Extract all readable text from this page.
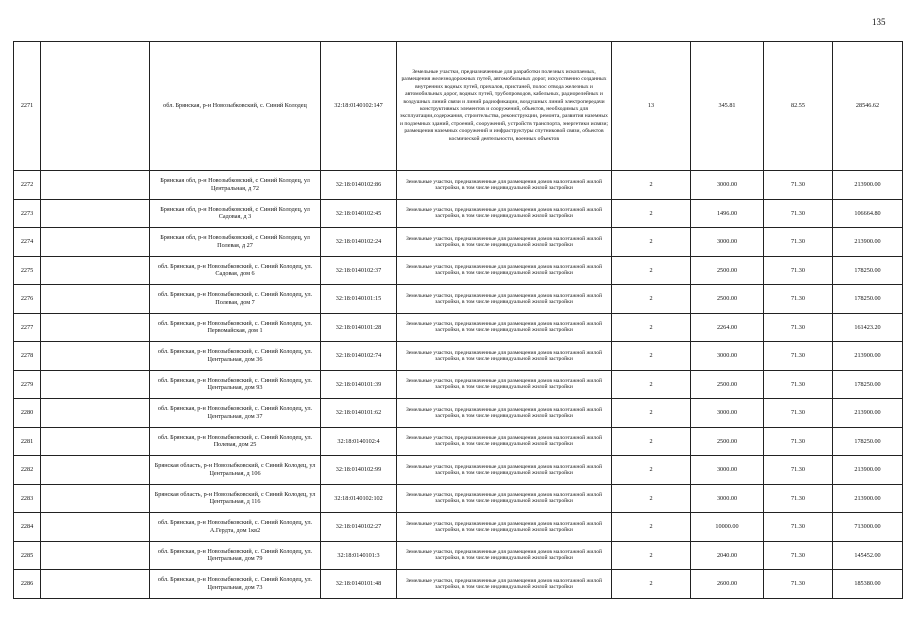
135
2271		обл. Брянская, р-н Новозыбковский, с. Синий Колодец	32:18:0140102:147	Земельные участки, предназначенные для разработки полезных ископаемых, размещения железнодорожных путей, автомобильных дорог, искусственно созданных внутренних водных путей, причалов, пристаней, полос отвода железных и автомобильных дорог, водных путей, трубопроводов, кабельных, радиорелейных и воздушных линий связи и линий радиофикации, воздушных линий электропередачи конструктивных элементов и сооружений, объектов, необходимых для эксплуатации,содержания, строительства, реконструкции, ремонта, развития наземных и подземных зданий, строений, сооружений, устройств транспорта, энергетики исвязи; размещения наземных сооружений и инфраструктуры спутниковой связи, объектов космической деятельности, военных объектов	13	345.81	82.55	28546.62
2272		Брянская обл, р-н Новозыбковский, с Синий Колодец, ул Центральная, д 72	32:18:0140102:86	Земельные участки, предназначенные для размещения домов малоэтажной жилой застройки, в том числе индивидуальной жилой застройки	2	3000.00	71.30	213900.00
2273		Брянская обл, р-н Новозыбковский, с Синий Колодец, ул Садовая, д 3	32:18:0140102:45	Земельные участки, предназначенные для размещения домов малоэтажной жилой застройки, в том числе индивидуальной жилой застройки	2	1496.00	71.30	106664.80
2274		Брянская обл, р-н Новозыбковский, с Синий Колодец, ул Полевая, д 27	32:18:0140102:24	Земельные участки, предназначенные для размещения домов малоэтажной жилой застройки, в том числе индивидуальной жилой застройки	2	3000.00	71.30	213900.00
2275		обл. Брянская, р-н Новозыбковский, с. Синий Колодец, ул. Садовая, дом 6	32:18:0140102:37	Земельные участки, предназначенные для размещения домов малоэтажной жилой застройки, в том числе индивидуальной жилой застройки	2	2500.00	71.30	178250.00
2276		обл. Брянская, р-н Новозыбковский, с. Синий Колодец, ул. Полевая, дом 7	32:18:0140101:15	Земельные участки, предназначенные для размещения домов малоэтажной жилой застройки, в том числе индивидуальной жилой застройки	2	2500.00	71.30	178250.00
2277		обл. Брянская, р-н Новозыбковский, с. Синий Колодец, ул. Первомайская, дом 1	32:18:0140101:28	Земельные участки, предназначенные для размещения домов малоэтажной жилой застройки, в том числе индивидуальной жилой застройки	2	2264.00	71.30	161423.20
2278		обл. Брянская, р-н Новозыбковский, с. Синий Колодец, ул. Центральная, дом 36	32:18:0140102:74	Земельные участки, предназначенные для размещения домов малоэтажной жилой застройки, в том числе индивидуальной жилой застройки	2	3000.00	71.30	213900.00
2279		обл. Брянская, р-н Новозыбковский, с. Синий Колодец, ул. Центральная, дом 93	32:18:0140101:39	Земельные участки, предназначенные для размещения домов малоэтажной жилой застройки, в том числе индивидуальной жилой застройки	2	2500.00	71.30	178250.00
2280		обл. Брянская, р-н Новозыбковский, с. Синий Колодец, ул. Центральная, дом 37	32:18:0140101:62	Земельные участки, предназначенные для размещения домов малоэтажной жилой застройки, в том числе индивидуальной жилой застройки	2	3000.00	71.30	213900.00
2281		обл. Брянская, р-н Новозыбковский, с. Синий Колодец, ул. Полевая, дом 25	32:18:0140102:4	Земельные участки, предназначенные для размещения домов малоэтажной жилой застройки, в том числе индивидуальной жилой застройки	2	2500.00	71.30	178250.00
2282		Брянская область, р-н Новозыбковский, с Синий Колодец, ул Центральная, д 106	32:18:0140102:99	Земельные участки, предназначенные для размещения домов малоэтажной жилой застройки, в том числе индивидуальной жилой застройки	2	3000.00	71.30	213900.00
2283		Брянская область, р-н Новозыбковский, с Синий Колодец, ул Центральная, д 116	32:18:0140102:102	Земельные участки, предназначенные для размещения домов малоэтажной жилой застройки, в том числе индивидуальной жилой застройки	2	3000.00	71.30	213900.00
2284		обл. Брянская, р-н Новозыбковский, с. Синий Колодец, ул. А.Гердта, дом 1кв2	32:18:0140102:27	Земельные участки, предназначенные для размещения домов малоэтажной жилой застройки, в том числе индивидуальной жилой застройки	2	10000.00	71.30	713000.00
2285		обл. Брянская, р-н Новозыбковский, с. Синий Колодец, ул. Центральная, дом 79	32:18:0140101:3	Земельные участки, предназначенные для размещения домов малоэтажной жилой застройки, в том числе индивидуальной жилой застройки	2	2040.00	71.30	145452.00
2286		обл. Брянская, р-н Новозыбковский, с. Синий Колодец, ул. Центральная, дом 73	32:18:0140101:48	Земельные участки, предназначенные для размещения домов малоэтажной жилой застройки, в том числе индивидуальной жилой застройки	2	2600.00	71.30	185380.00
